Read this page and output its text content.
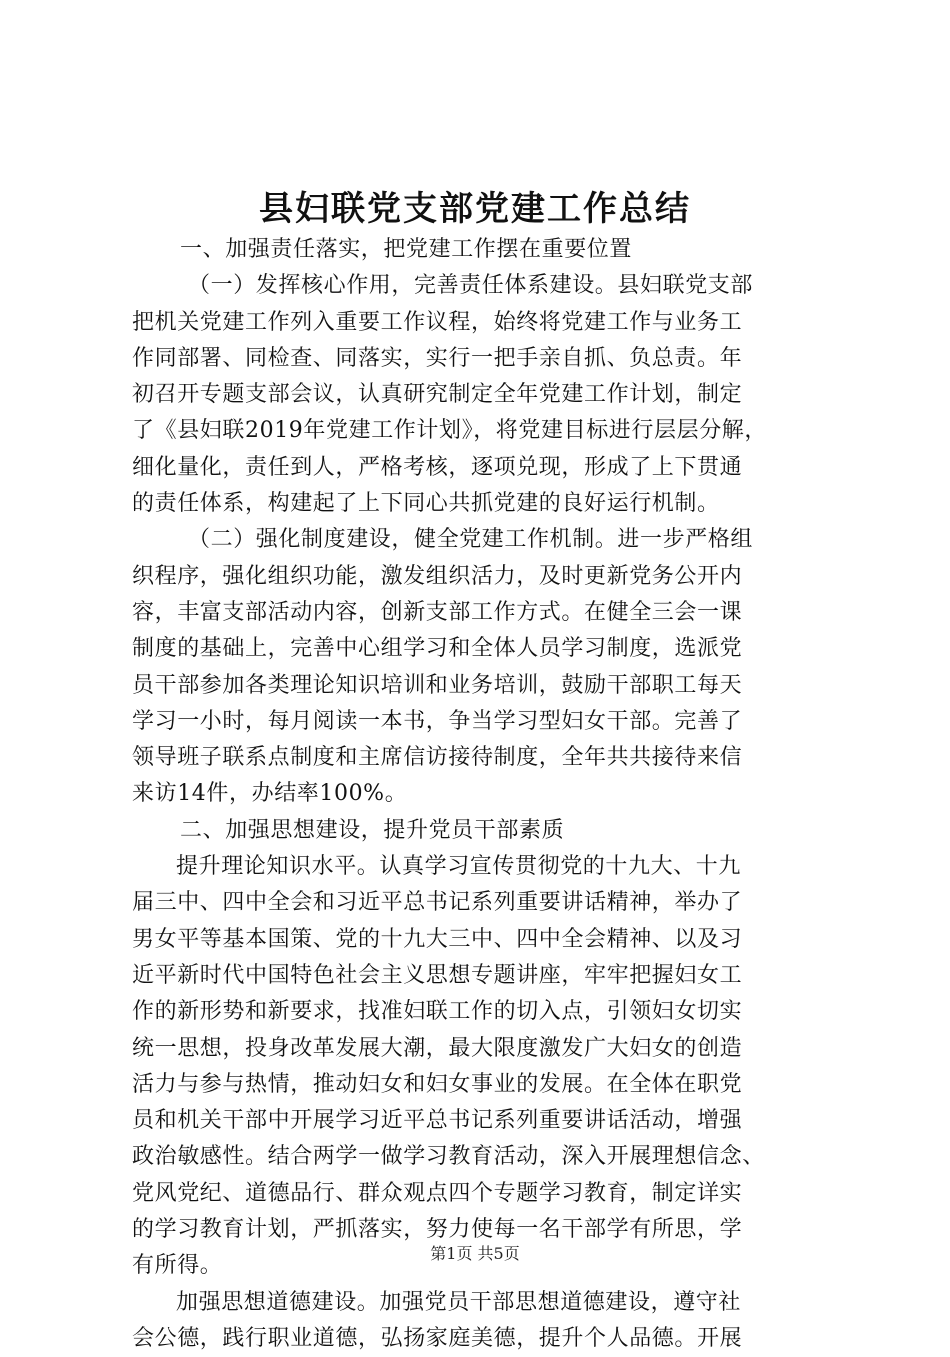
县妇联党支部党建工作总结
一、加强责任落实，把党建工作摆在重要位置
（一）发挥核心作用，完善责任体系建设。县妇联党支部
把机关党建工作列入重要工作议程，始终将党建工作与业务工
作同部署、同检查、同落实，实行一把手亲自抓、负总责。年
初召开专题支部会议，认真研究制定全年党建工作计划，制定
了《县妇联2019年党建工作计划》，将党建目标进行层层分解，
细化量化，责任到人，严格考核，逐项兑现，形成了上下贯通
的责任体系，构建起了上下同心共抓党建的良好运行机制。
（二）强化制度建设，健全党建工作机制。进一步严格组
织程序，强化组织功能，激发组织活力，及时更新党务公开内
容，丰富支部活动内容，创新支部工作方式。在健全三会一课
制度的基础上，完善中心组学习和全体人员学习制度，选派党
员干部参加各类理论知识培训和业务培训，鼓励干部职工每天
学习一小时，每月阅读一本书，争当学习型妇女干部。完善了
领导班子联系点制度和主席信访接待制度，全年共共接待来信
来访14件，办结率100%。
二、加强思想建设，提升党员干部素质
提升理论知识水平。认真学习宣传贯彻党的十九大、十九
届三中、四中全会和习近平总书记系列重要讲话精神，举办了
男女平等基本国策、党的十九大三中、四中全会精神、以及习
近平新时代中国特色社会主义思想专题讲座，牢牢把握妇女工
作的新形势和新要求，找准妇联工作的切入点，引领妇女切实
统一思想，投身改革发展大潮，最大限度激发广大妇女的创造
活力与参与热情，推动妇女和妇女事业的发展。在全体在职党
员和机关干部中开展学习近平总书记系列重要讲话活动，增强
政治敏感性。结合两学一做学习教育活动，深入开展理想信念、
党风党纪、道德品行、群众观点四个专题学习教育，制定详实
的学习教育计划，严抓落实，努力使每一名干部学有所思，学
有所得。
加强思想道德建设。加强党员干部思想道德建设，遵守社
会公德，践行职业道德，弘扬家庭美德，提升个人品德。开展
第1页 共5页
